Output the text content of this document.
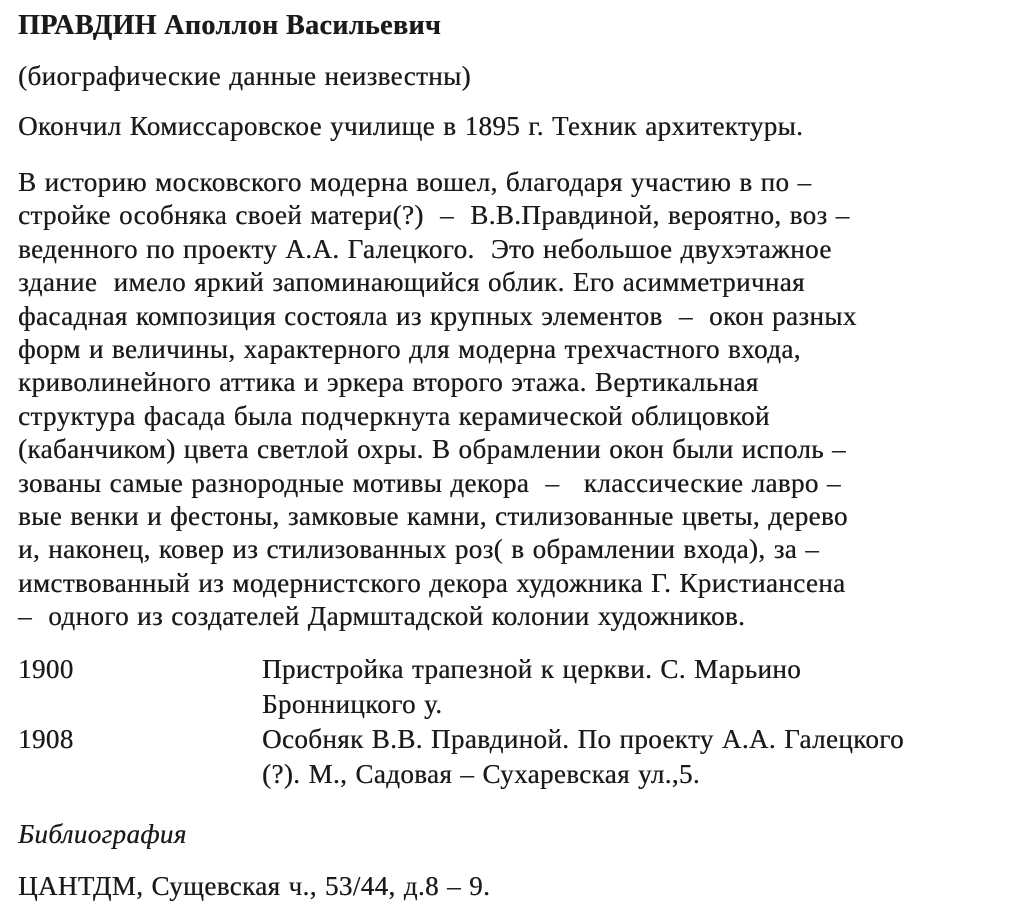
ПРАВДИН Аполлон Васильевич

(биографические данные неизвестны)

Окончил Комиссаровское училище в 1895 г. Техник архитектуры.

В историю московского модерна вошел, благодаря участию в по –
стройке особняка своей матери(?)  –  В.В.Правдиной, вероятно, воз –
веденного по проекту А.А. Галецкого.  Это небольшое двухэтажное
здание  имело яркий запоминающийся облик. Его асимметричная
фасадная композиция состояла из крупных элементов  –  окон разных
форм и величины, характерного для модерна трехчастного входа,
криволинейного аттика и эркера второго этажа. Вертикальная
структура фасада была подчеркнута керамической облицовкой
(кабанчиком) цвета светлой охры. В обрамлении окон были исполь –
зованы самые разнородные мотивы декора  –   классические лавро –
вые венки и фестоны, замковые камни, стилизованные цветы, дерево
и, наконец, ковер из стилизованных роз( в обрамлении входа), за –
имствованный из модернистского декора художника Г. Кристиансена
–  одного из создателей Дармштадской колонии художников.
1900	Пристройка трапезной к церкви. С. Марьино
Бронницкого у.
1908	Особняк В.В. Правдиной. По проекту А.А. Галецкого
(?). М., Садовая – Сухаревская ул.,5.

Библиография

ЦАНТДМ, Сущевская ч., 53/44, д.8 – 9.
